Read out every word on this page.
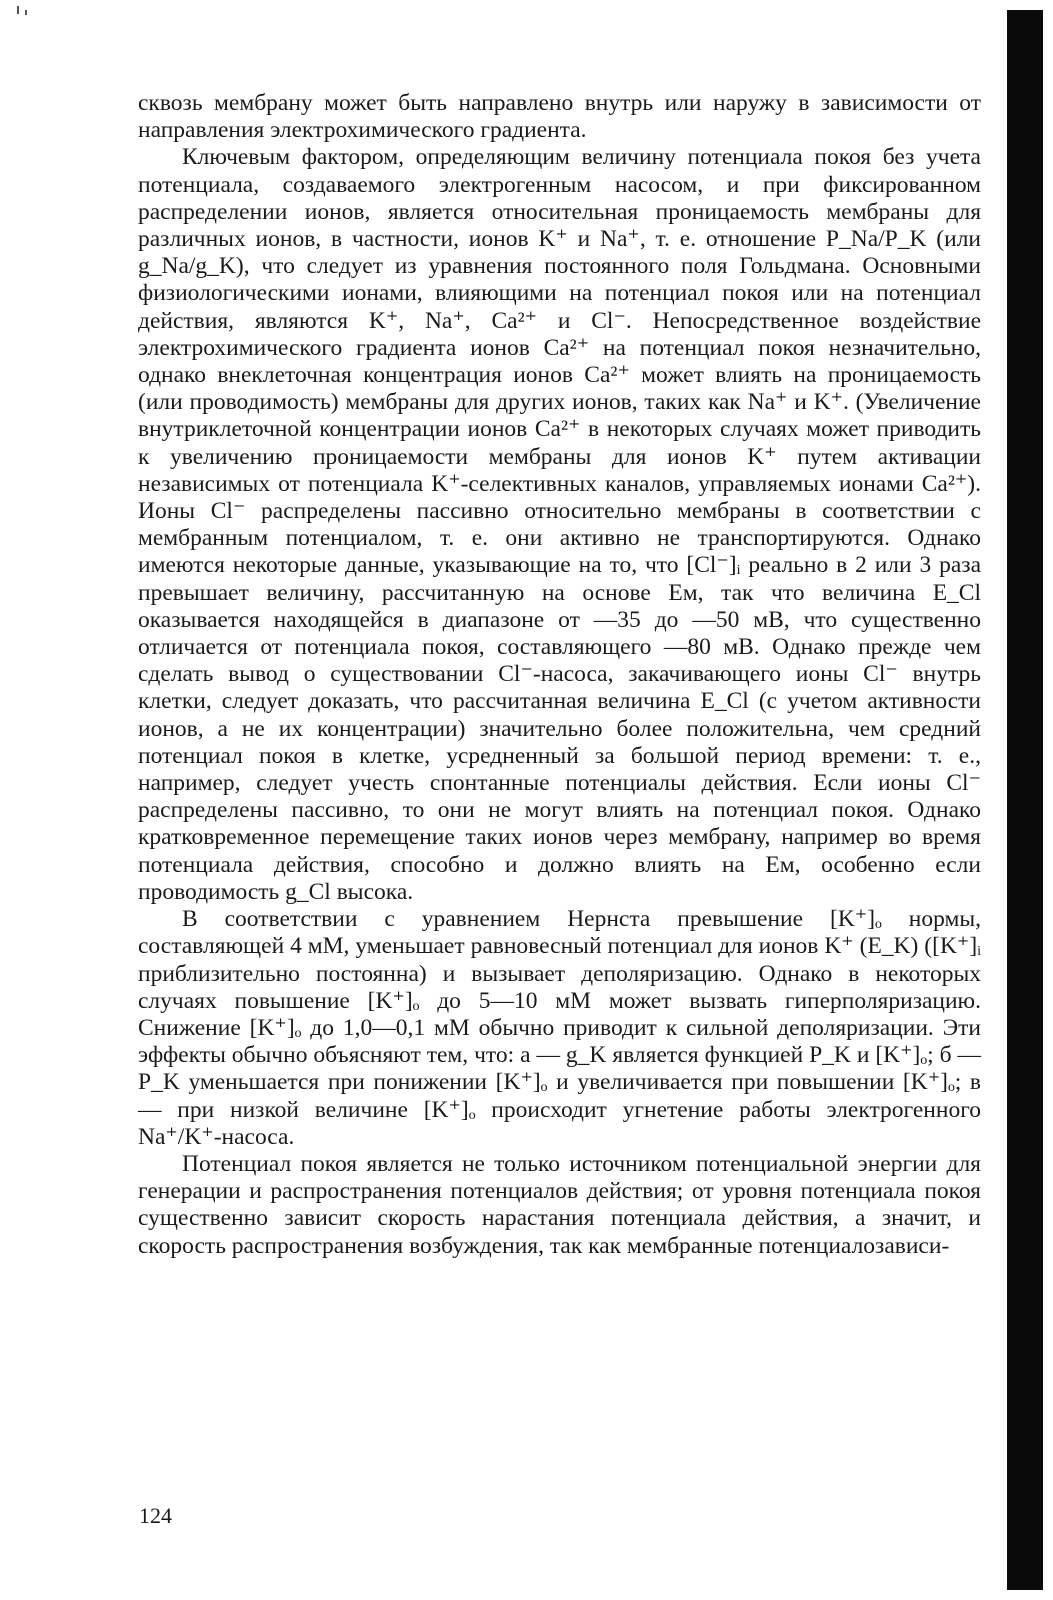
сквозь мембрану может быть направлено внутрь или наружу в зависимости от направления электрохимического градиента.

Ключевым фактором, определяющим величину потенциала покоя без учета потенциала, создаваемого электрогенным насосом, и при фиксированном распределении ионов, является относительная проницаемость мембраны для различных ионов, в частности, ионов K⁺ и Na⁺, т. е. отношение P_Na/P_K (или g_Na/g_K), что следует из уравнения постоянного поля Гольдмана. Основными физиологическими ионами, влияющими на потенциал покоя или на потенциал действия, являются K⁺, Na⁺, Ca²⁺ и Cl⁻. Непосредственное воздействие электрохимического градиента ионов Ca²⁺ на потенциал покоя незначительно, однако внеклеточная концентрация ионов Ca²⁺ может влиять на проницаемость (или проводимость) мембраны для других ионов, таких как Na⁺ и K⁺. (Увеличение внутриклеточной концентрации ионов Ca²⁺ в некоторых случаях может приводить к увеличению проницаемости мембраны для ионов K⁺ путем активации независимых от потенциала K⁺-селективных каналов, управляемых ионами Ca²⁺). Ионы Cl⁻ распределены пассивно относительно мембраны в соответствии с мембранным потенциалом, т. е. они активно не транспортируются. Однако имеются некоторые данные, указывающие на то, что [Cl⁻]ᵢ реально в 2 или 3 раза превышает величину, рассчитанную на основе Eм, так что величина E_Cl оказывается находящейся в диапазоне от —35 до —50 мВ, что существенно отличается от потенциала покоя, составляющего —80 мВ. Однако прежде чем сделать вывод о существовании Cl⁻-насоса, закачивающего ионы Cl⁻ внутрь клетки, следует доказать, что рассчитанная величина E_Cl (с учетом активности ионов, а не их концентрации) значительно более положительна, чем средний потенциал покоя в клетке, усредненный за большой период времени: т. е., например, следует учесть спонтанные потенциалы действия. Если ионы Cl⁻ распределены пассивно, то они не могут влиять на потенциал покоя. Однако кратковременное перемещение таких ионов через мембрану, например во время потенциала действия, способно и должно влиять на Eм, особенно если проводимость g_Cl высока.

В соответствии с уравнением Нернста превышение [K⁺]ₒ нормы, составляющей 4 мМ, уменьшает равновесный потенциал для ионов K⁺ (E_K) ([K⁺]ᵢ приблизительно постоянна) и вызывает деполяризацию. Однако в некоторых случаях повышение [K⁺]ₒ до 5—10 мМ может вызвать гиперполяризацию. Снижение [K⁺]ₒ до 1,0—0,1 мМ обычно приводит к сильной деполяризации. Эти эффекты обычно объясняют тем, что: а — g_K является функцией P_K и [K⁺]ₒ; б — P_K уменьшается при понижении [K⁺]ₒ и увеличивается при повышении [K⁺]ₒ; в — при низкой величине [K⁺]ₒ происходит угнетение работы электрогенного Na⁺/K⁺-насоса.

Потенциал покоя является не только источником потенциальной энергии для генерации и распространения потенциалов действия; от уровня потенциала покоя существенно зависит скорость нарастания потенциала действия, а значит, и скорость распространения возбуждения, так как мембранные потенциалозависи-

124
